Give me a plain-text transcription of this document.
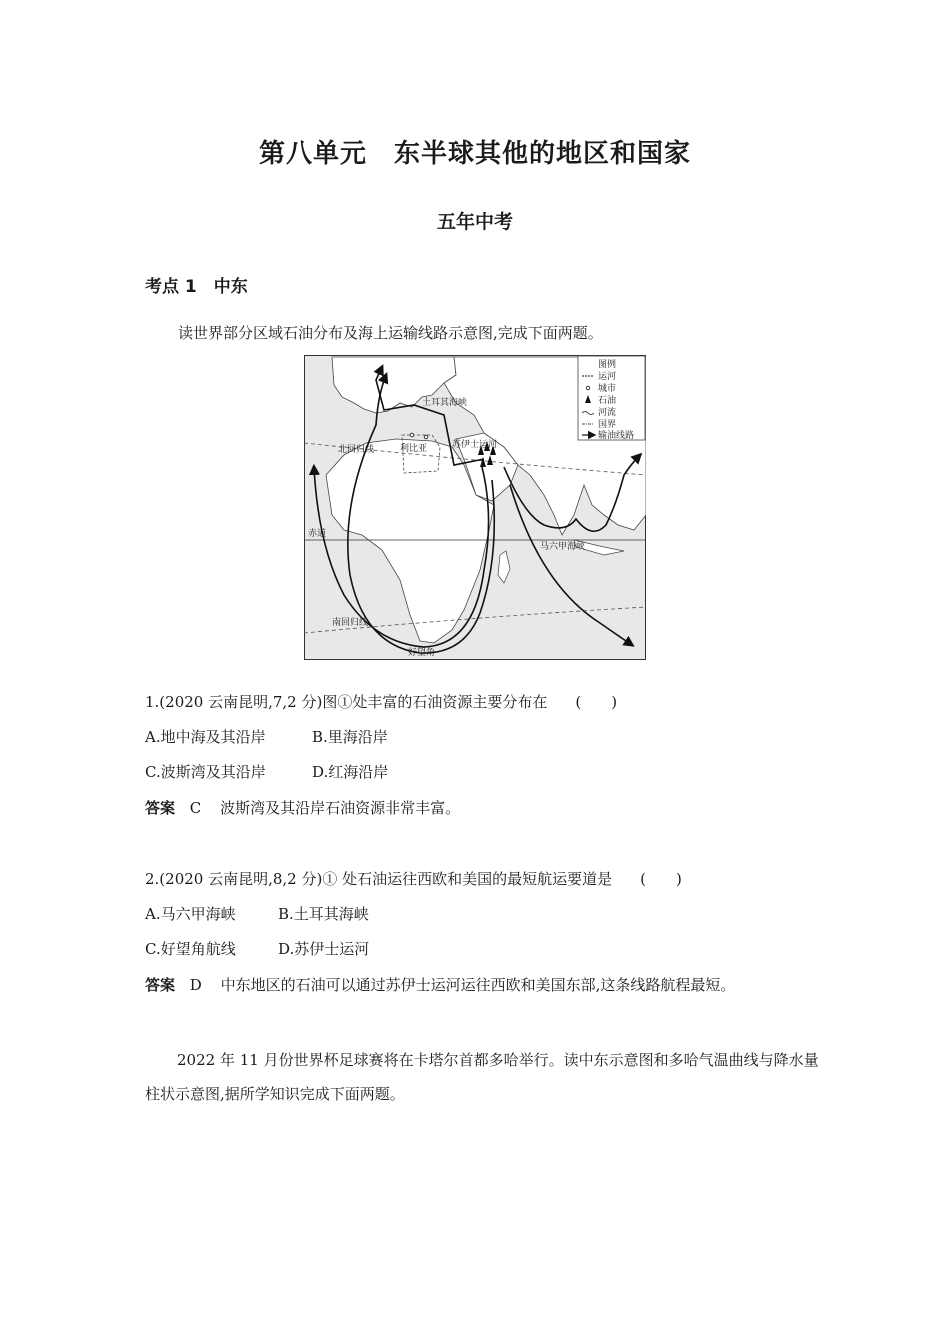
第八单元　东半球其他的地区和国家
五年中考
考点 1　中东
读世界部分区域石油分布及海上运输线路示意图,完成下面两题。
土耳其海峡
苏伊士运河
利比亚
北回归线
赤道
马六甲海峡
南回归线
好望角
图例
运河
城市
石油
河流
国界
输油线路
1.(2020 云南昆明,7,2 分)图①处丰富的石油资源主要分布在 (　　)
A.地中海及其沿岸	B.里海沿岸
C.波斯湾及其沿岸	D.红海沿岸
答案 C 波斯湾及其沿岸石油资源非常丰富。
2.(2020 云南昆明,8,2 分)① 处石油运往西欧和美国的最短航运要道是 (　　)
A.马六甲海峡	B.土耳其海峡
C.好望角航线	D.苏伊士运河
答案 D 中东地区的石油可以通过苏伊士运河运往西欧和美国东部,这条线路航程最短。
2022 年 11 月份世界杯足球赛将在卡塔尔首都多哈举行。读中东示意图和多哈气温曲线与降水量柱状示意图,据所学知识完成下面两题。
